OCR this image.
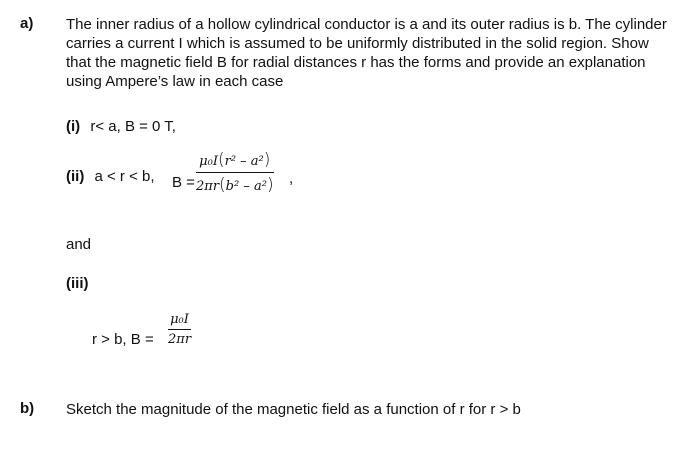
a) The inner radius of a hollow cylindrical conductor is a and its outer radius is b. The cylinder carries a current I which is assumed to be uniformly distributed in the solid region. Show that the magnetic field B for radial distances r has the forms and provide an explanation using Ampere’s law in each case
(i) r< a, B = 0 T,
(ii) a < r < b, B =
μ₀I(r² – a²)
2πr(b² – a²) ,
and
(iii)
r > b, B =
μ₀I
2πr
b) Sketch the magnitude of the magnetic field as a function of r for r > b
